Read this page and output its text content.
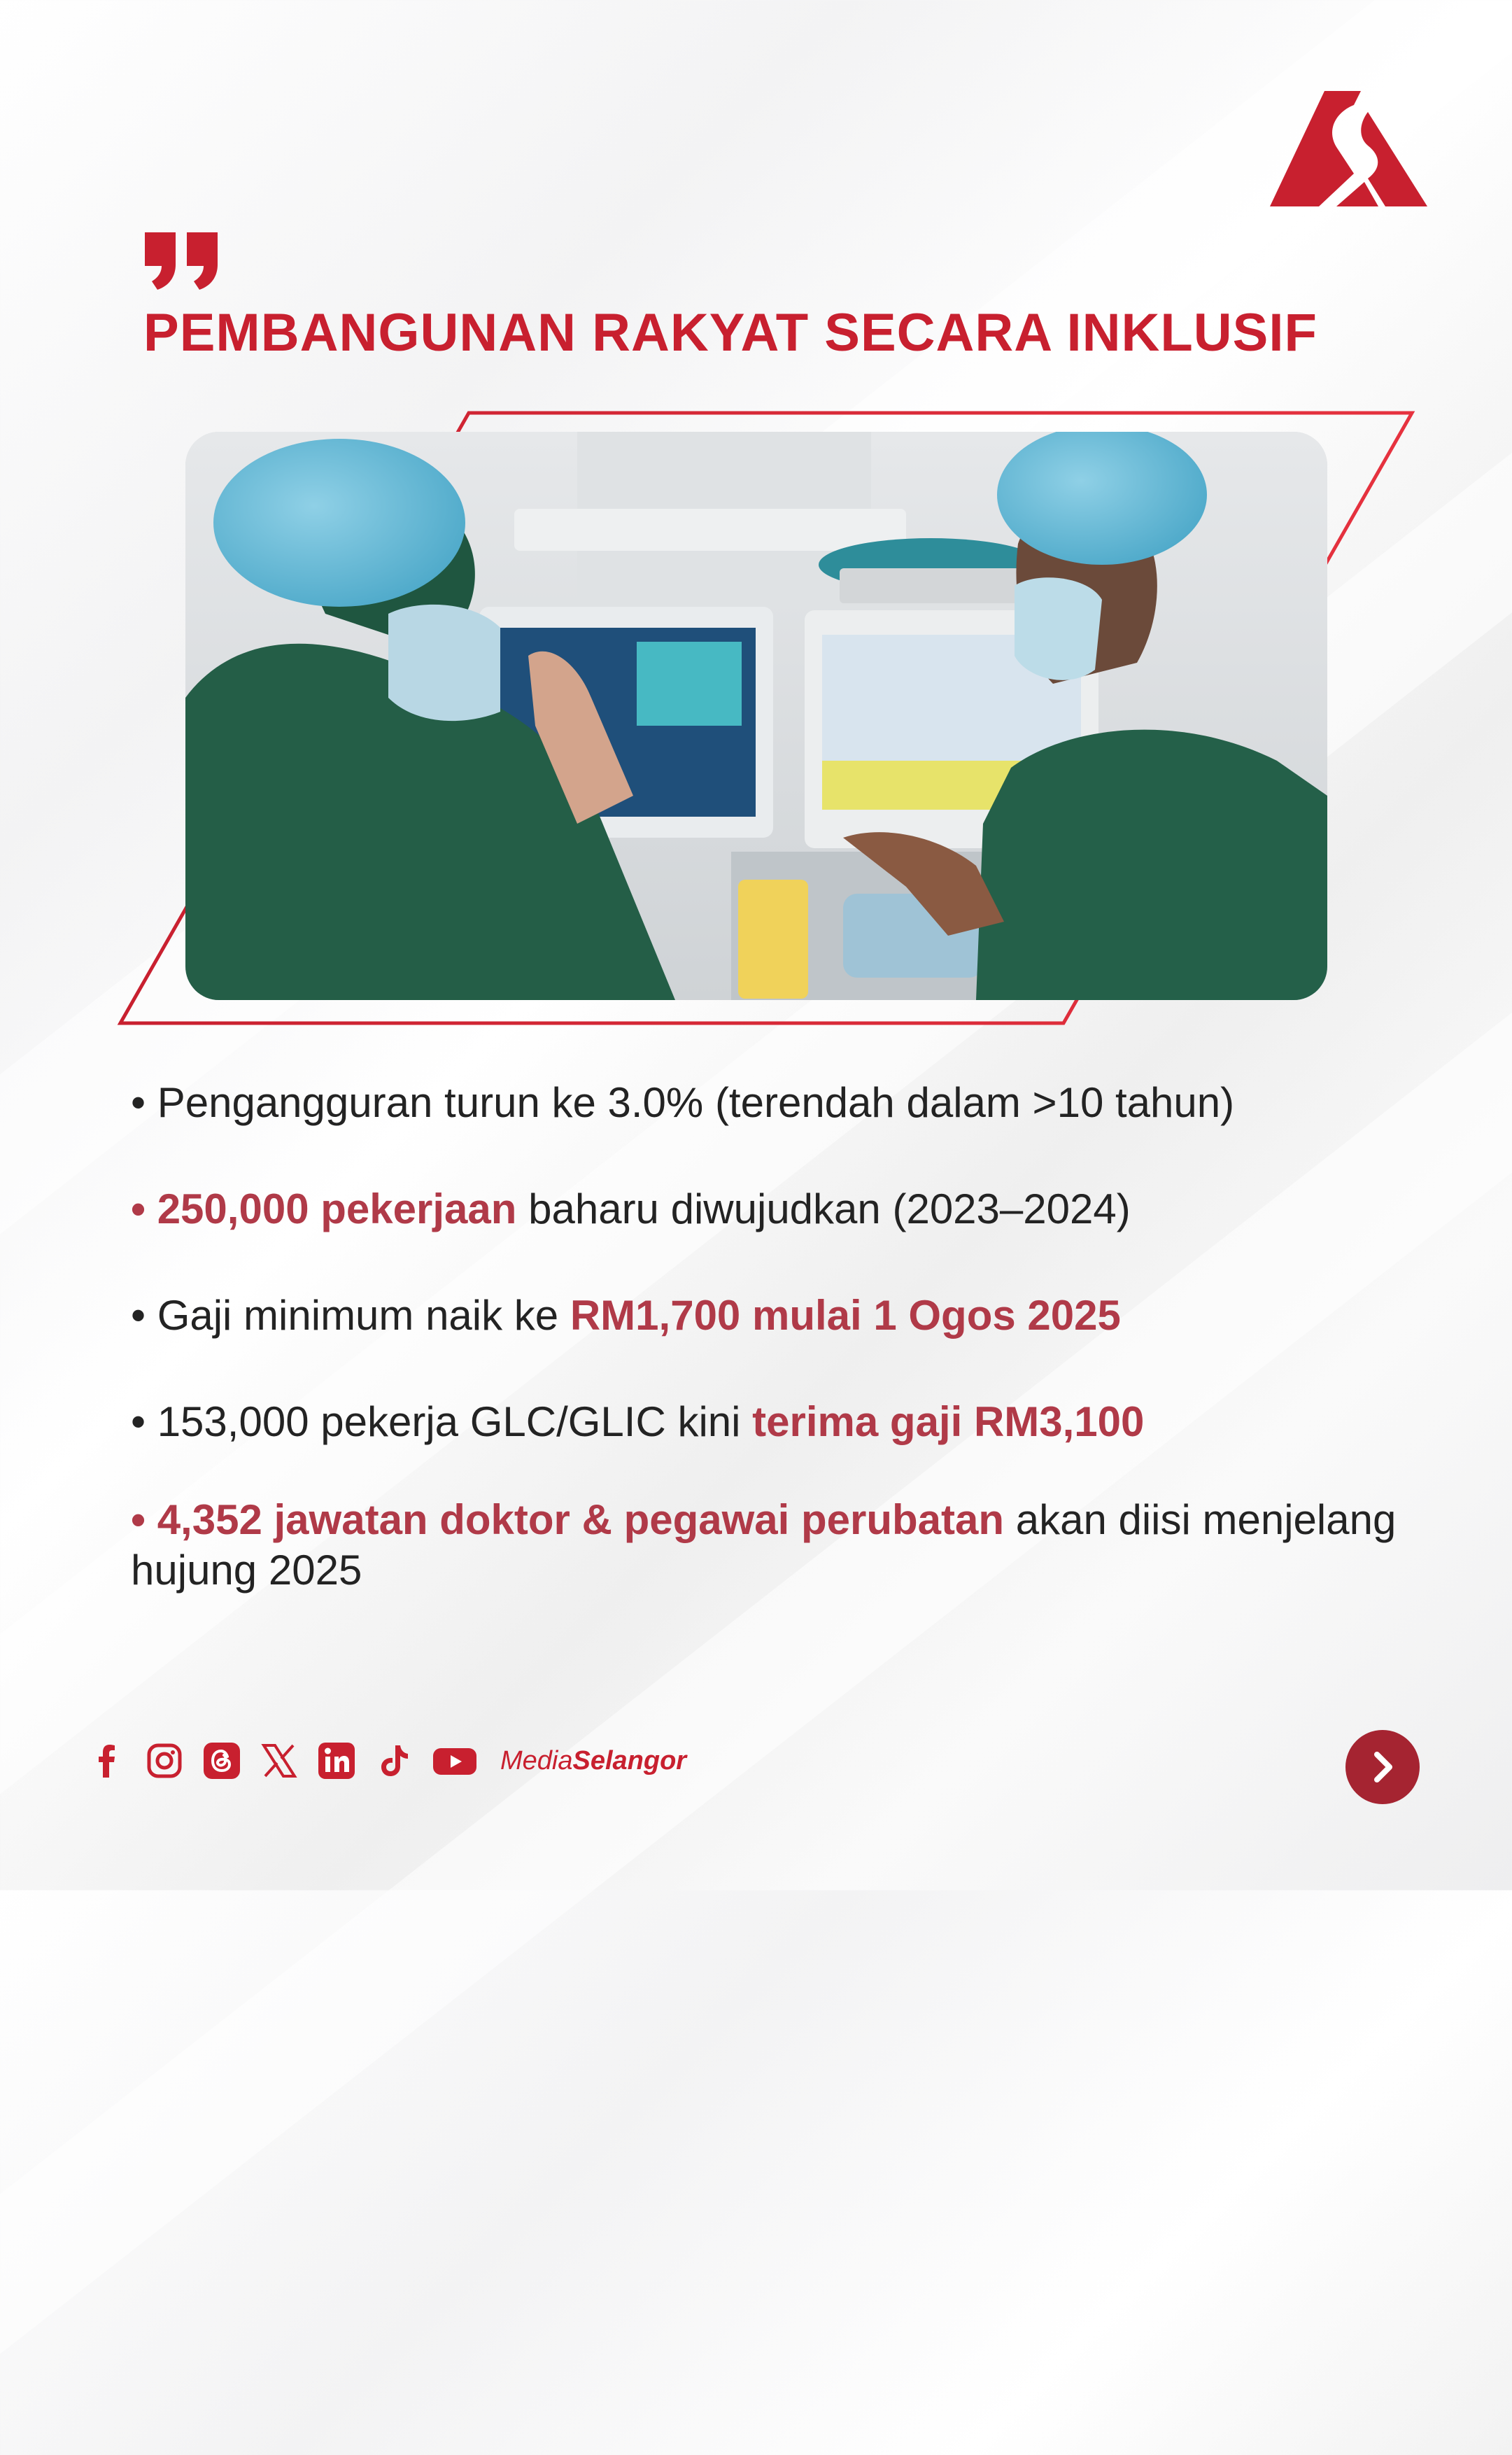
PEMBANGUNAN RAKYAT SECARA INKLUSIF

• Pengangguran turun ke 3.0% (terendah dalam >10 tahun)

• 250,000 pekerjaan baharu diwujudkan (2023–2024)

• Gaji minimum naik ke RM1,700 mulai 1 Ogos 2025

• 153,000 pekerja GLC/GLIC kini terima gaji RM3,100

• 4,352 jawatan doktor & pegawai perubatan akan diisi menjelang hujung 2025

MediaSelangor
